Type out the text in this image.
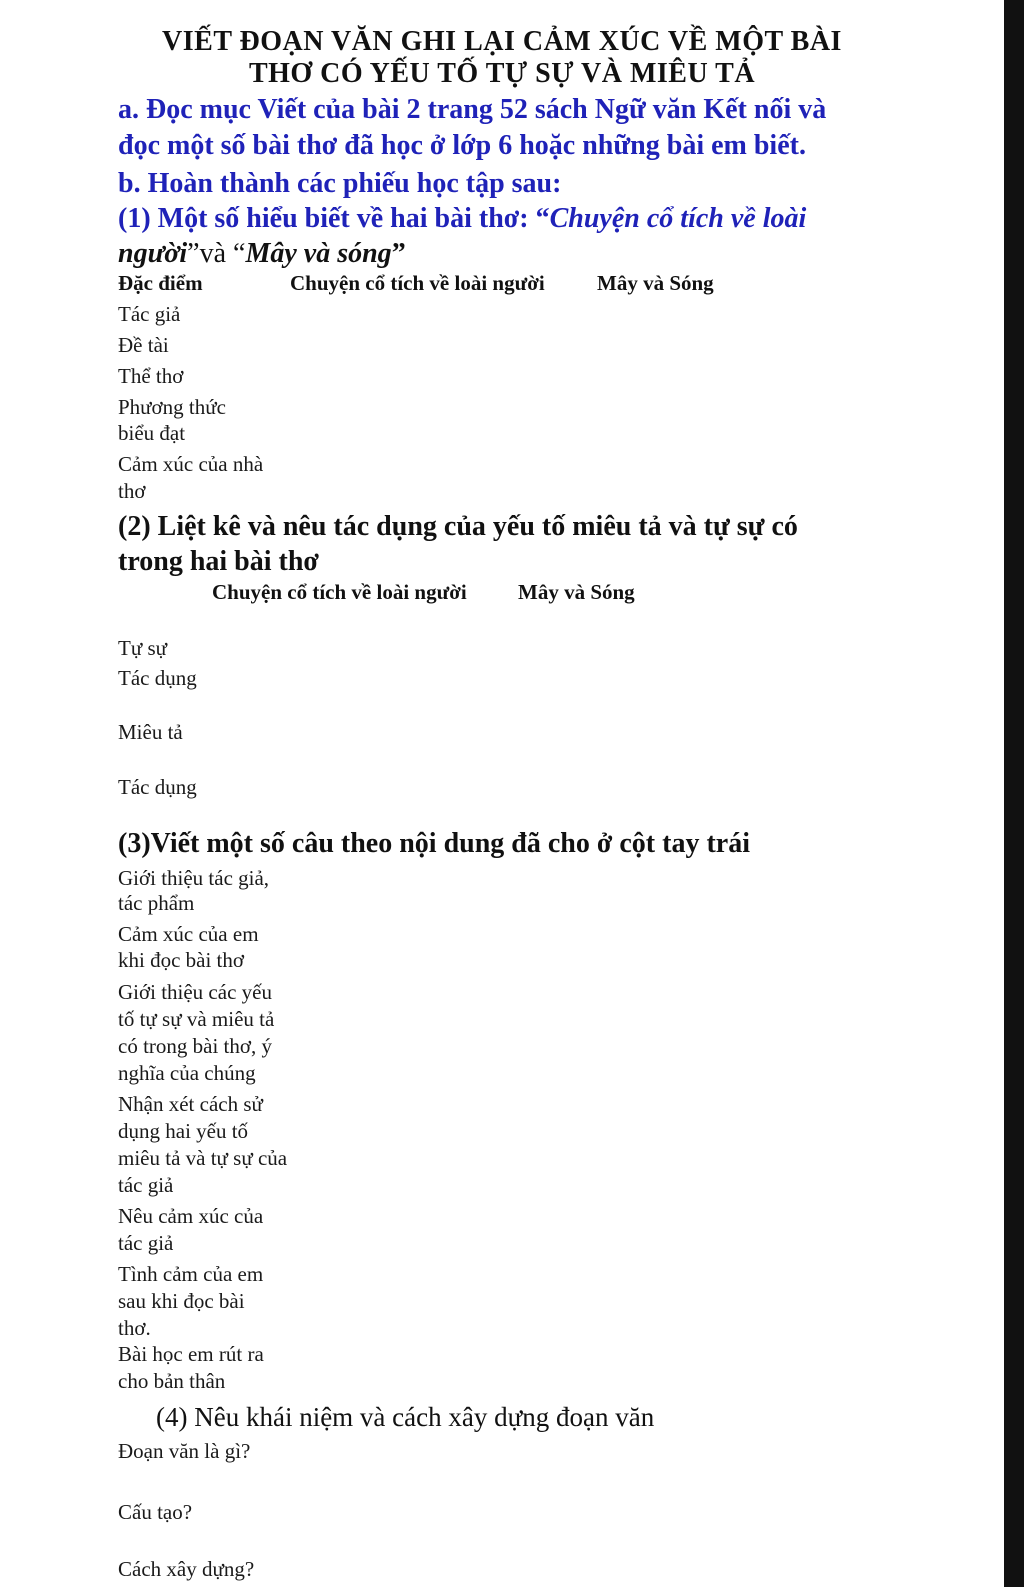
VIẾT ĐOẠN VĂN GHI LẠI CẢM XÚC VỀ MỘT BÀI

THƠ CÓ YẾU TỐ TỰ SỰ VÀ MIÊU TẢ

a. Đọc mục Viết của bài 2 trang 52 sách Ngữ văn Kết nối và

đọc một số bài thơ đã học ở lớp 6 hoặc những bài em biết.

b. Hoàn thành các phiếu học tập sau:

(1) Một số hiểu biết về hai bài thơ: “Chuyện cổ tích về loài

người”và “Mây và sóng”

Đặc điểm	Chuyện cổ tích về loài người Mây và Sóng

Tác giả

Đề tài

Thể thơ

Phương thức

biểu đạt

Cảm xúc của nhà

thơ

(2) Liệt kê và nêu tác dụng của yếu tố miêu tả và tự sự có

trong hai bài thơ

Chuyện cổ tích về loài người Mây và Sóng

Tự sự

Tác dụng

Miêu tả

Tác dụng

(3)Viết một số câu theo nội dung đã cho ở cột tay trái

Giới thiệu tác giả,

tác phẩm

Cảm xúc của em

khi đọc bài thơ

Giới thiệu các yếu

tố tự sự và miêu tả

có trong bài thơ, ý

nghĩa của chúng

Nhận xét cách sử

dụng hai yếu tố

miêu tả và tự sự của

tác giả

Nêu cảm xúc của

tác giả

Tình cảm của em

sau khi đọc bài

thơ.

Bài học em rút ra

cho bản thân

(4) Nêu khái niệm và cách xây dựng đoạn văn

Đoạn văn là gì?

Cấu tạo?

Cách xây dựng?
